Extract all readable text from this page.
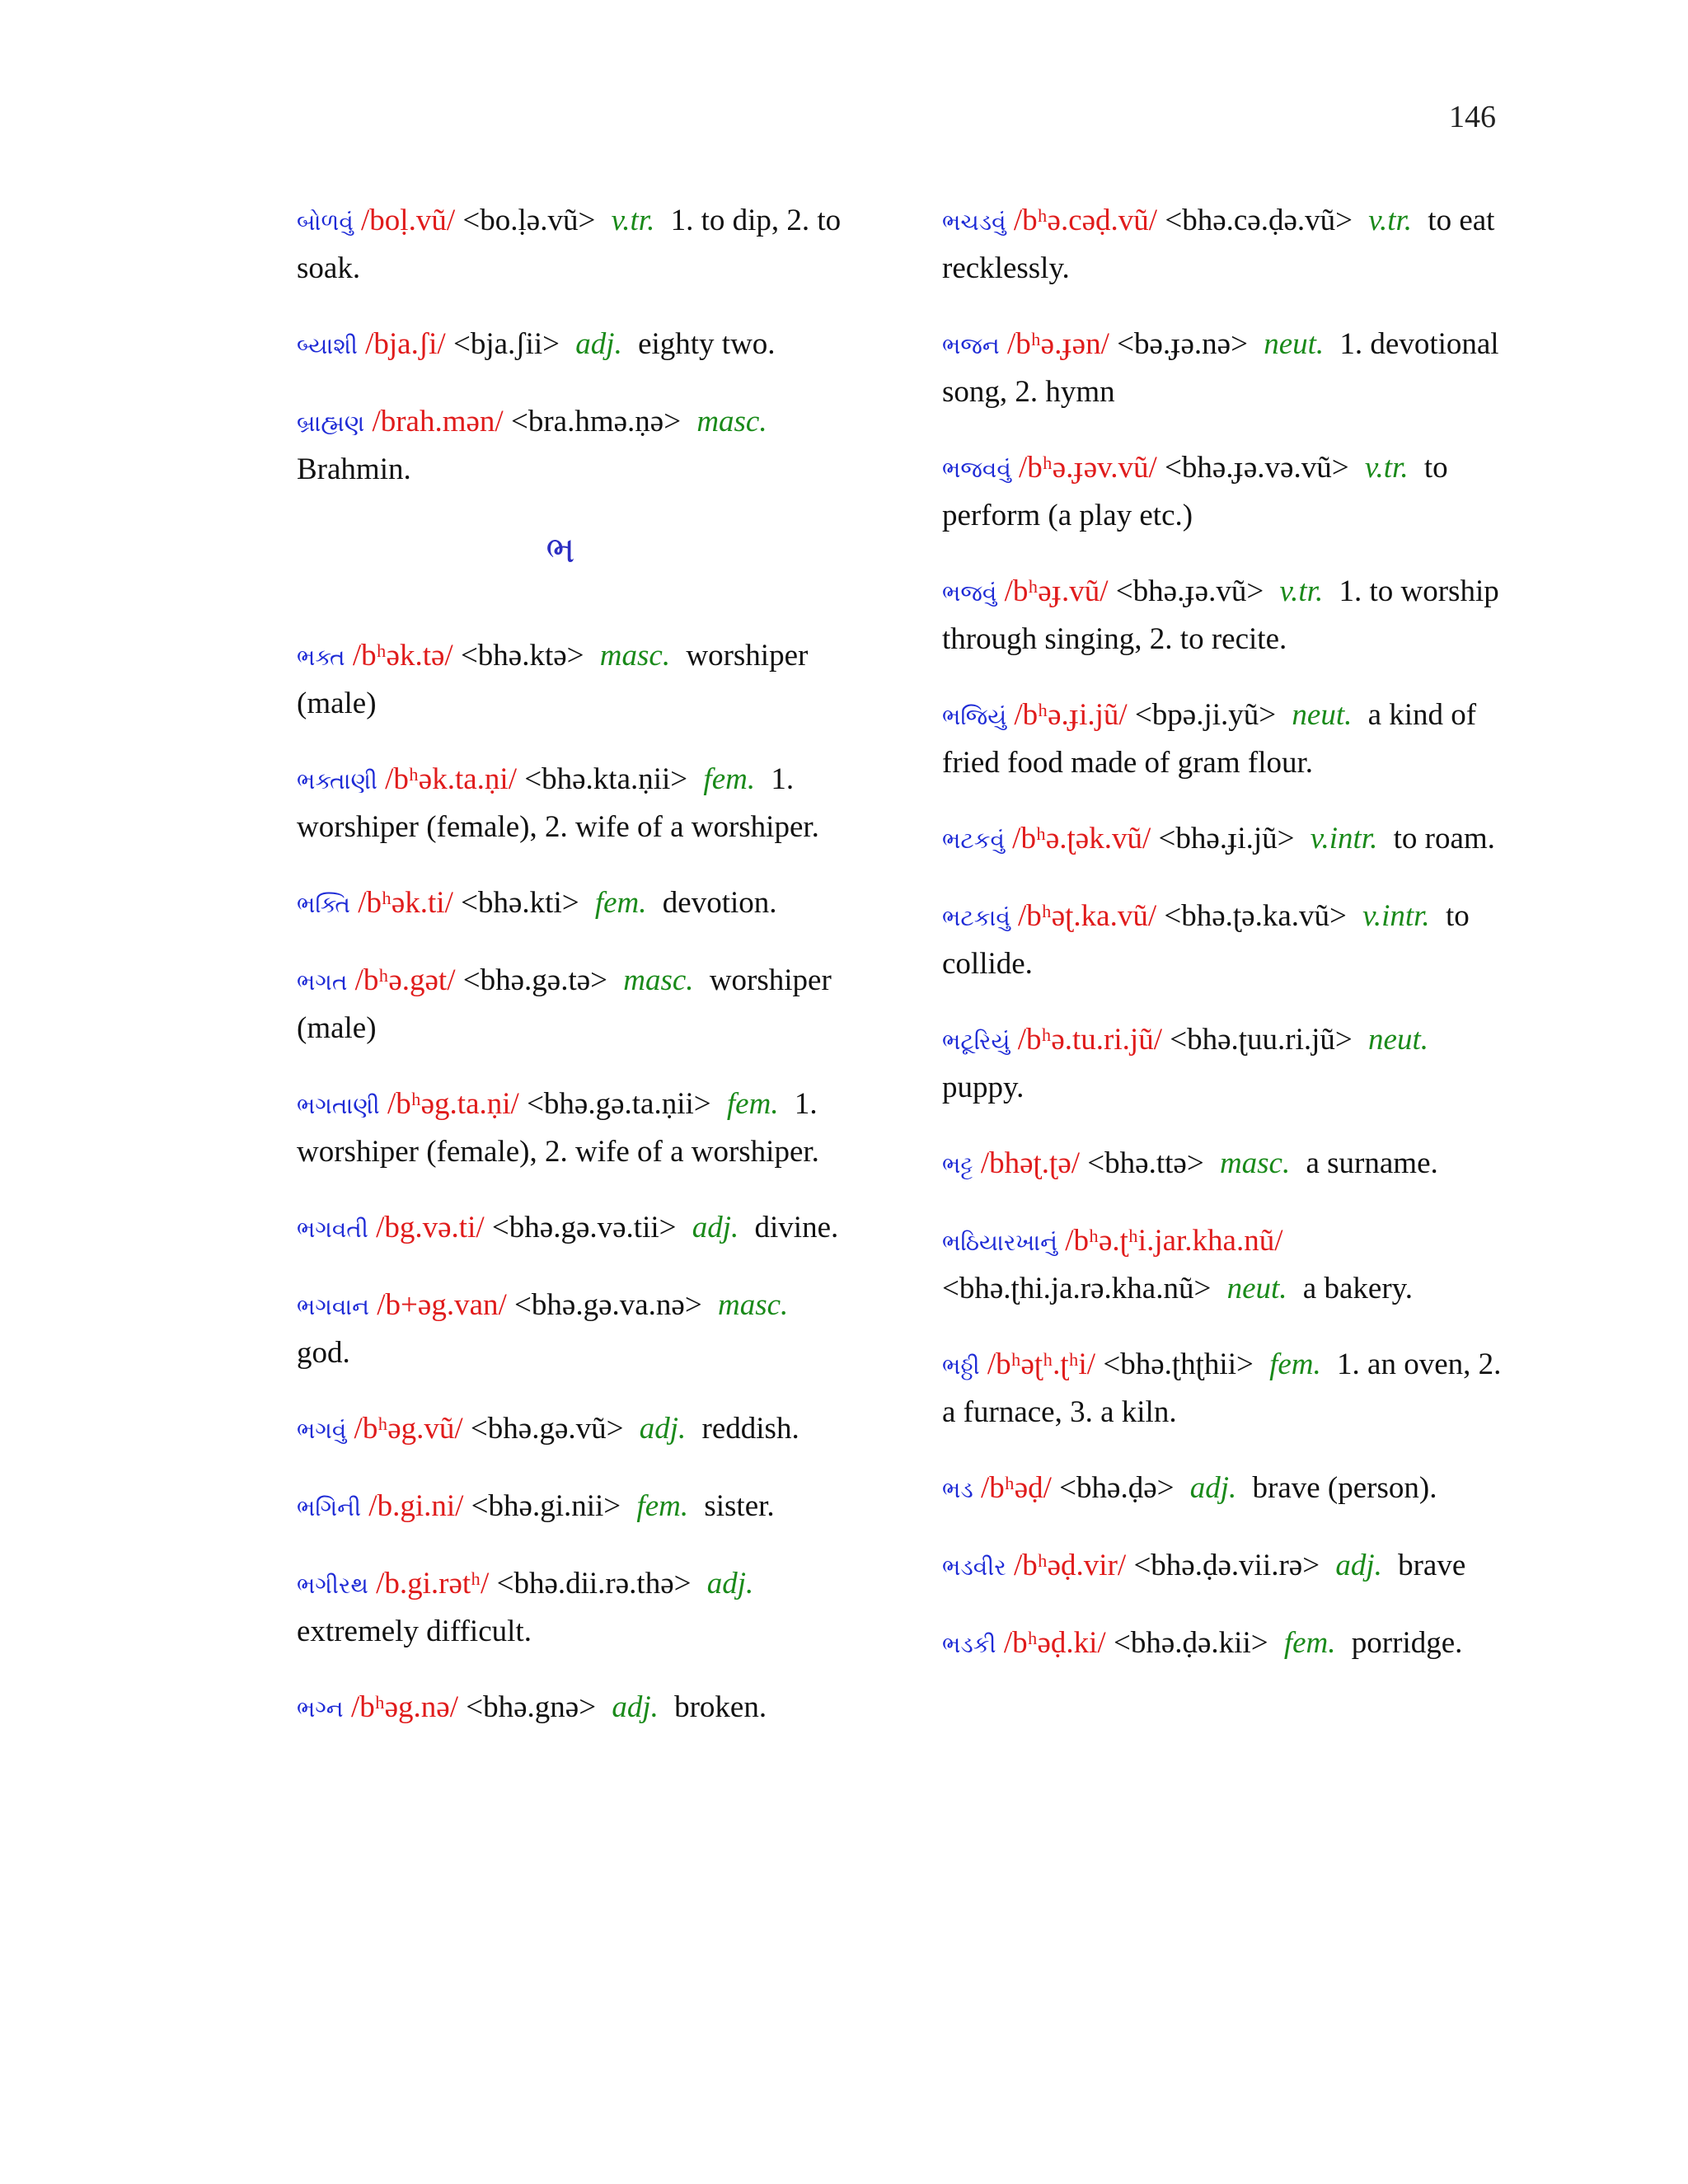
146
બોળવું /boḷ.vũ/ <bo.ḷə.vũ> v.tr. 1. to dip, 2. to soak.
બ્યાશી /bja.ʃi/ <bja.ʃii> adj. eighty two.
બ્રાહ્મણ /brah.mən/ <bra.hmə.ṇə> masc. Brahmin.
ભ
ભક્ત /bʰək.tə/ <bhə.ktə> masc. worshiper (male)
ભક્તાણી /bʰək.ta.ṇi/ <bhə.kta.ṇii> fem. 1. worshiper (female), 2. wife of a worshiper.
ભક્તિ /bʰək.ti/ <bhə.kti> fem. devotion.
ભગત /bʰə.gət/ <bhə.gə.tə> masc. worshiper (male)
ભગતાણી /bʰəg.ta.ṇi/ <bhə.gə.ta.ṇii> fem. 1. worshiper (female), 2. wife of a worshiper.
ભગવતી /bg.və.ti/ <bhə.gə.və.tii> adj. divine.
ભગવાન /b+əg.van/ <bhə.gə.va.nə> masc. god.
ભગવું /bʰəg.vũ/ <bhə.gə.vũ> adj. reddish.
ભગિની /b.gi.ni/ <bhə.gi.nii> fem. sister.
ભગીરથ /b.gi.rətʰ/ <bhə.dii.rə.thə> adj. extremely difficult.
ભગ્ન /bʰəg.nə/ <bhə.gnə> adj. broken.
ભચડવું /bʰə.cəḍ.vũ/ <bhə.cə.ḍə.vũ> v.tr. to eat recklessly.
ભજન /bʰə.ɟən/ <bə.ɟə.nə> neut. 1. devotional song, 2. hymn
ભજવવું /bʰə.ɟəv.vũ/ <bhə.ɟə.və.vũ> v.tr. to perform (a play etc.)
ભજવું /bʰəɟ.vũ/ <bhə.ɟə.vũ> v.tr. 1. to worship through singing, 2. to recite.
ભજિયું /bʰə.ɟi.jũ/ <bpə.ji.yũ> neut. a kind of fried food made of gram flour.
ભટકવું /bʰə.ʈək.vũ/ <bhə.ɟi.jũ> v.intr. to roam.
ભટકાવું /bʰəʈ.ka.vũ/ <bhə.ʈə.ka.vũ> v.intr. to collide.
ભટૂરિયું /bʰə.tu.ri.jũ/ <bhə.ʈuu.ri.jũ> neut. puppy.
ભટ્ટ /bhəʈ.ʈə/ <bhə.ttə> masc. a surname.
ભઠિયારખાનું /bʰə.ʈʰi.jar.kha.nũ/ <bhə.ʈhi.ja.rə.kha.nũ> neut. a bakery.
ભઠ્ઠી /bʰəʈʰ.ʈʰi/ <bhə.ʈhʈhii> fem. 1. an oven, 2. a furnace, 3. a kiln.
ભડ /bʰəḍ/ <bhə.ḍə> adj. brave (person).
ભડવીર /bʰəḍ.vir/ <bhə.ḍə.vii.rə> adj. brave
ભડકી /bʰəḍ.ki/ <bhə.ḍə.kii> fem. porridge.
